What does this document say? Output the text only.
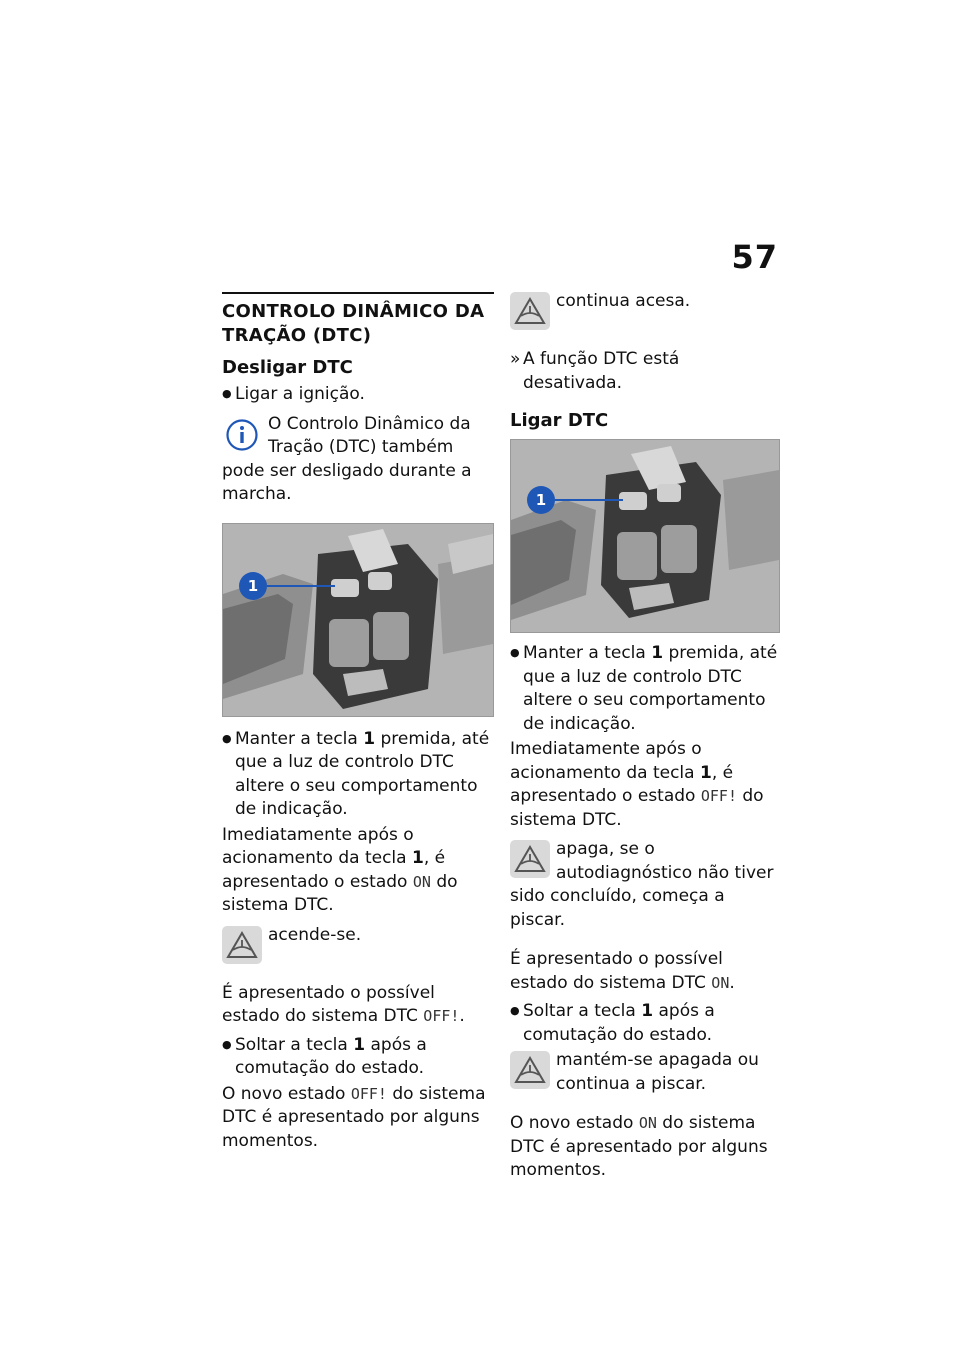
57
CONTROLO DINÂMICO DA TRAÇÃO (DTC)
Desligar DTC
● Ligar a ignição.
O Controlo Dinâmico da Tração (DTC) também pode ser desligado durante a marcha.
1
● Manter a tecla 1 premida, até que a luz de controlo DTC altere o seu comportamento de indicação.

Imediatamente após o acionamento da tecla 1, é apresentado o estado ON do sistema DTC.

acende-se.

É apresentado o possível estado do sistema DTC OFF!.

● Soltar a tecla 1 após a comutação do estado.

O novo estado OFF! do sistema DTC é apresentado por alguns momentos.

continua acesa.
» A função DTC está desativada.
Ligar DTC
1
● Manter a tecla 1 premida, até que a luz de controlo DTC altere o seu comportamento de indicação.

Imediatamente após o acionamento da tecla 1, é apresentado o estado OFF! do sistema DTC.

apaga, se o autodiagnóstico não tiver sido concluído, começa a piscar.

É apresentado o possível estado do sistema DTC ON.

● Soltar a tecla 1 após a comutação do estado.
mantém-se apagada ou continua a piscar.

O novo estado ON do sistema DTC é apresentado por alguns momentos.
